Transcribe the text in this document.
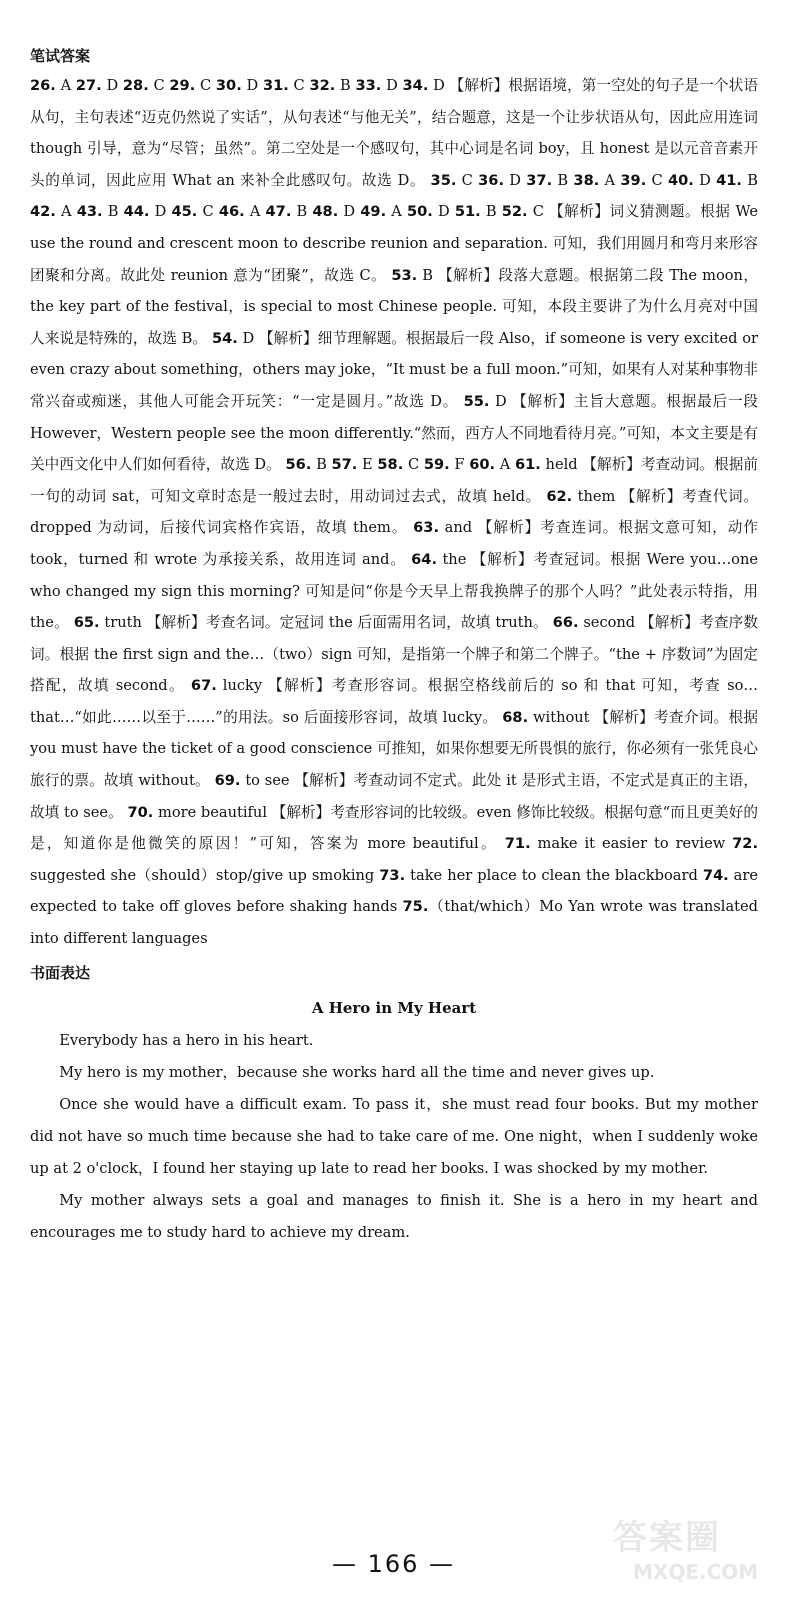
笔试答案

26. A 27. D 28. C 29. C 30. D 31. C 32. B 33. D 34. D 【解析】根据语境，第一空处的句子是一个状语从句，主句表述“迈克仍然说了实话”，从句表述“与他无关”，结合题意，这是一个让步状语从句，因此应用连词 though 引导，意为“尽管；虽然”。第二空处是一个感叹句，其中心词是名词 boy，且 honest 是以元音音素开头的单词，因此应用 What an 来补全此感叹句。故选 D。 35. C 36. D 37. B 38. A 39. C 40. D 41. B 42. A 43. B 44. D 45. C 46. A 47. B 48. D 49. A 50. D 51. B 52. C 【解析】词义猜测题。根据 We use the round and crescent moon to describe reunion and separation. 可知，我们用圆月和弯月来形容团聚和分离。故此处 reunion 意为“团聚”，故选 C。 53. B 【解析】段落大意题。根据第二段 The moon，the key part of the festival，is special to most Chinese people. 可知，本段主要讲了为什么月亮对中国人来说是特殊的，故选 B。 54. D 【解析】细节理解题。根据最后一段 Also，if someone is very excited or even crazy about something，others may joke，“It must be a full moon.”可知，如果有人对某种事物非常兴奋或痴迷，其他人可能会开玩笑：“一定是圆月。”故选 D。 55. D 【解析】主旨大意题。根据最后一段 However，Western people see the moon differently.“然而，西方人不同地看待月亮。”可知，本文主要是有关中西文化中人们如何看待，故选 D。 56. B 57. E 58. C 59. F 60. A 61. held 【解析】考查动词。根据前一句的动词 sat，可知文章时态是一般过去时，用动词过去式，故填 held。 62. them 【解析】考查代词。dropped 为动词，后接代词宾格作宾语，故填 them。 63. and 【解析】考查连词。根据文意可知，动作 took，turned 和 wrote 为承接关系，故用连词 and。 64. the 【解析】考查冠词。根据 Were you…one who changed my sign this morning? 可知是问“你是今天早上帮我换牌子的那个人吗？”此处表示特指，用 the。 65. truth 【解析】考查名词。定冠词 the 后面需用名词，故填 truth。 66. second 【解析】考查序数词。根据 the first sign and the…（two）sign 可知，是指第一个牌子和第二个牌子。“the + 序数词”为固定搭配，故填 second。 67. lucky 【解析】考查形容词。根据空格线前后的 so 和 that 可知，考查 so… that…“如此……以至于……”的用法。so 后面接形容词，故填 lucky。 68. without 【解析】考查介词。根据 you must have the ticket of a good conscience 可推知，如果你想要无所畏惧的旅行，你必须有一张凭良心旅行的票。故填 without。 69. to see 【解析】考查动词不定式。此处 it 是形式主语，不定式是真正的主语，故填 to see。 70. more beautiful 【解析】考查形容词的比较级。even 修饰比较级。根据句意“而且更美好的是，知道你是他微笑的原因！”可知，答案为 more beautiful。 71. make it easier to review 72. suggested she（should）stop/give up smoking 73. take her place to clean the blackboard 74. are expected to take off gloves before shaking hands 75.（that/which）Mo Yan wrote was translated into different languages

书面表达
A Hero in My Heart

Everybody has a hero in his heart.

My hero is my mother，because she works hard all the time and never gives up.

Once she would have a difficult exam. To pass it，she must read four books. But my mother did not have so much time because she had to take care of me. One night，when I suddenly woke up at 2 o'clock，I found her staying up late to read her books. I was shocked by my mother.

My mother always sets a goal and manages to finish it. She is a hero in my heart and encourages me to study hard to achieve my dream.

— 166 —
答案圈
MXQE.COM
